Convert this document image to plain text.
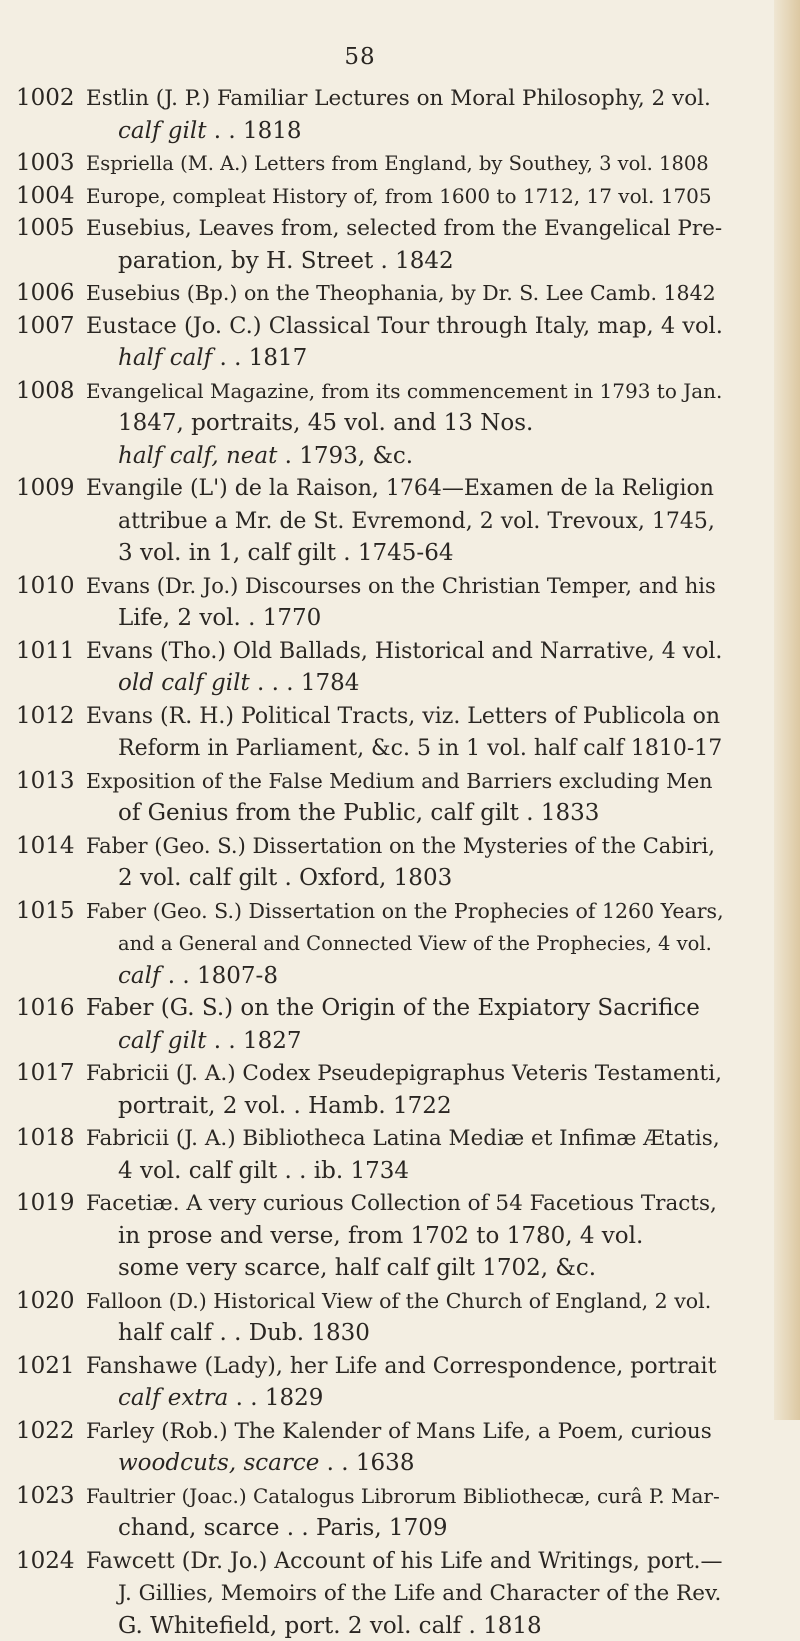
58
1002 Estlin (J. P.) Familiar Lectures on Moral Philosophy, 2 vol.
calf gilt . . 1818
1003 Espriella (M. A.) Letters from England, by Southey, 3 vol. 1808
1004 Europe, compleat History of, from 1600 to 1712, 17 vol. 1705
1005 Eusebius, Leaves from, selected from the Evangelical Pre-
paration, by H. Street . 1842
1006 Eusebius (Bp.) on the Theophania, by Dr. S. Lee Camb. 1842
1007 Eustace (Jo. C.) Classical Tour through Italy, map, 4 vol.
half calf . . 1817
1008 Evangelical Magazine, from its commencement in 1793 to Jan.
1847, portraits, 45 vol. and 13 Nos.
half calf, neat . 1793, &c.
1009 Evangile (L') de la Raison, 1764—Examen de la Religion
attribue a Mr. de St. Evremond, 2 vol. Trevoux, 1745,
3 vol. in 1, calf gilt . 1745-64
1010 Evans (Dr. Jo.) Discourses on the Christian Temper, and his
Life, 2 vol. . 1770
1011 Evans (Tho.) Old Ballads, Historical and Narrative, 4 vol.
old calf gilt . . . 1784
1012 Evans (R. H.) Political Tracts, viz. Letters of Publicola on
Reform in Parliament, &c. 5 in 1 vol. half calf 1810-17
1013 Exposition of the False Medium and Barriers excluding Men
of Genius from the Public, calf gilt . 1833
1014 Faber (Geo. S.) Dissertation on the Mysteries of the Cabiri,
2 vol. calf gilt . Oxford, 1803
1015 Faber (Geo. S.) Dissertation on the Prophecies of 1260 Years,
and a General and Connected View of the Prophecies, 4 vol.
calf . . 1807-8
1016 Faber (G. S.) on the Origin of the Expiatory Sacrifice
calf gilt . . 1827
1017 Fabricii (J. A.) Codex Pseudepigraphus Veteris Testamenti,
portrait, 2 vol. . Hamb. 1722
1018 Fabricii (J. A.) Bibliotheca Latina Mediæ et Infimæ Ætatis,
4 vol. calf gilt . . ib. 1734
1019 Facetiæ. A very curious Collection of 54 Facetious Tracts,
in prose and verse, from 1702 to 1780, 4 vol.
some very scarce, half calf gilt 1702, &c.
1020 Falloon (D.) Historical View of the Church of England, 2 vol.
half calf . . Dub. 1830
1021 Fanshawe (Lady), her Life and Correspondence, portrait
calf extra . . 1829
1022 Farley (Rob.) The Kalender of Mans Life, a Poem, curious
woodcuts, scarce . . 1638
1023 Faultrier (Joac.) Catalogus Librorum Bibliothecæ, curâ P. Mar-
chand, scarce . . Paris, 1709
1024 Fawcett (Dr. Jo.) Account of his Life and Writings, port.—
J. Gillies, Memoirs of the Life and Character of the Rev.
G. Whitefield, port. 2 vol. calf . 1818
